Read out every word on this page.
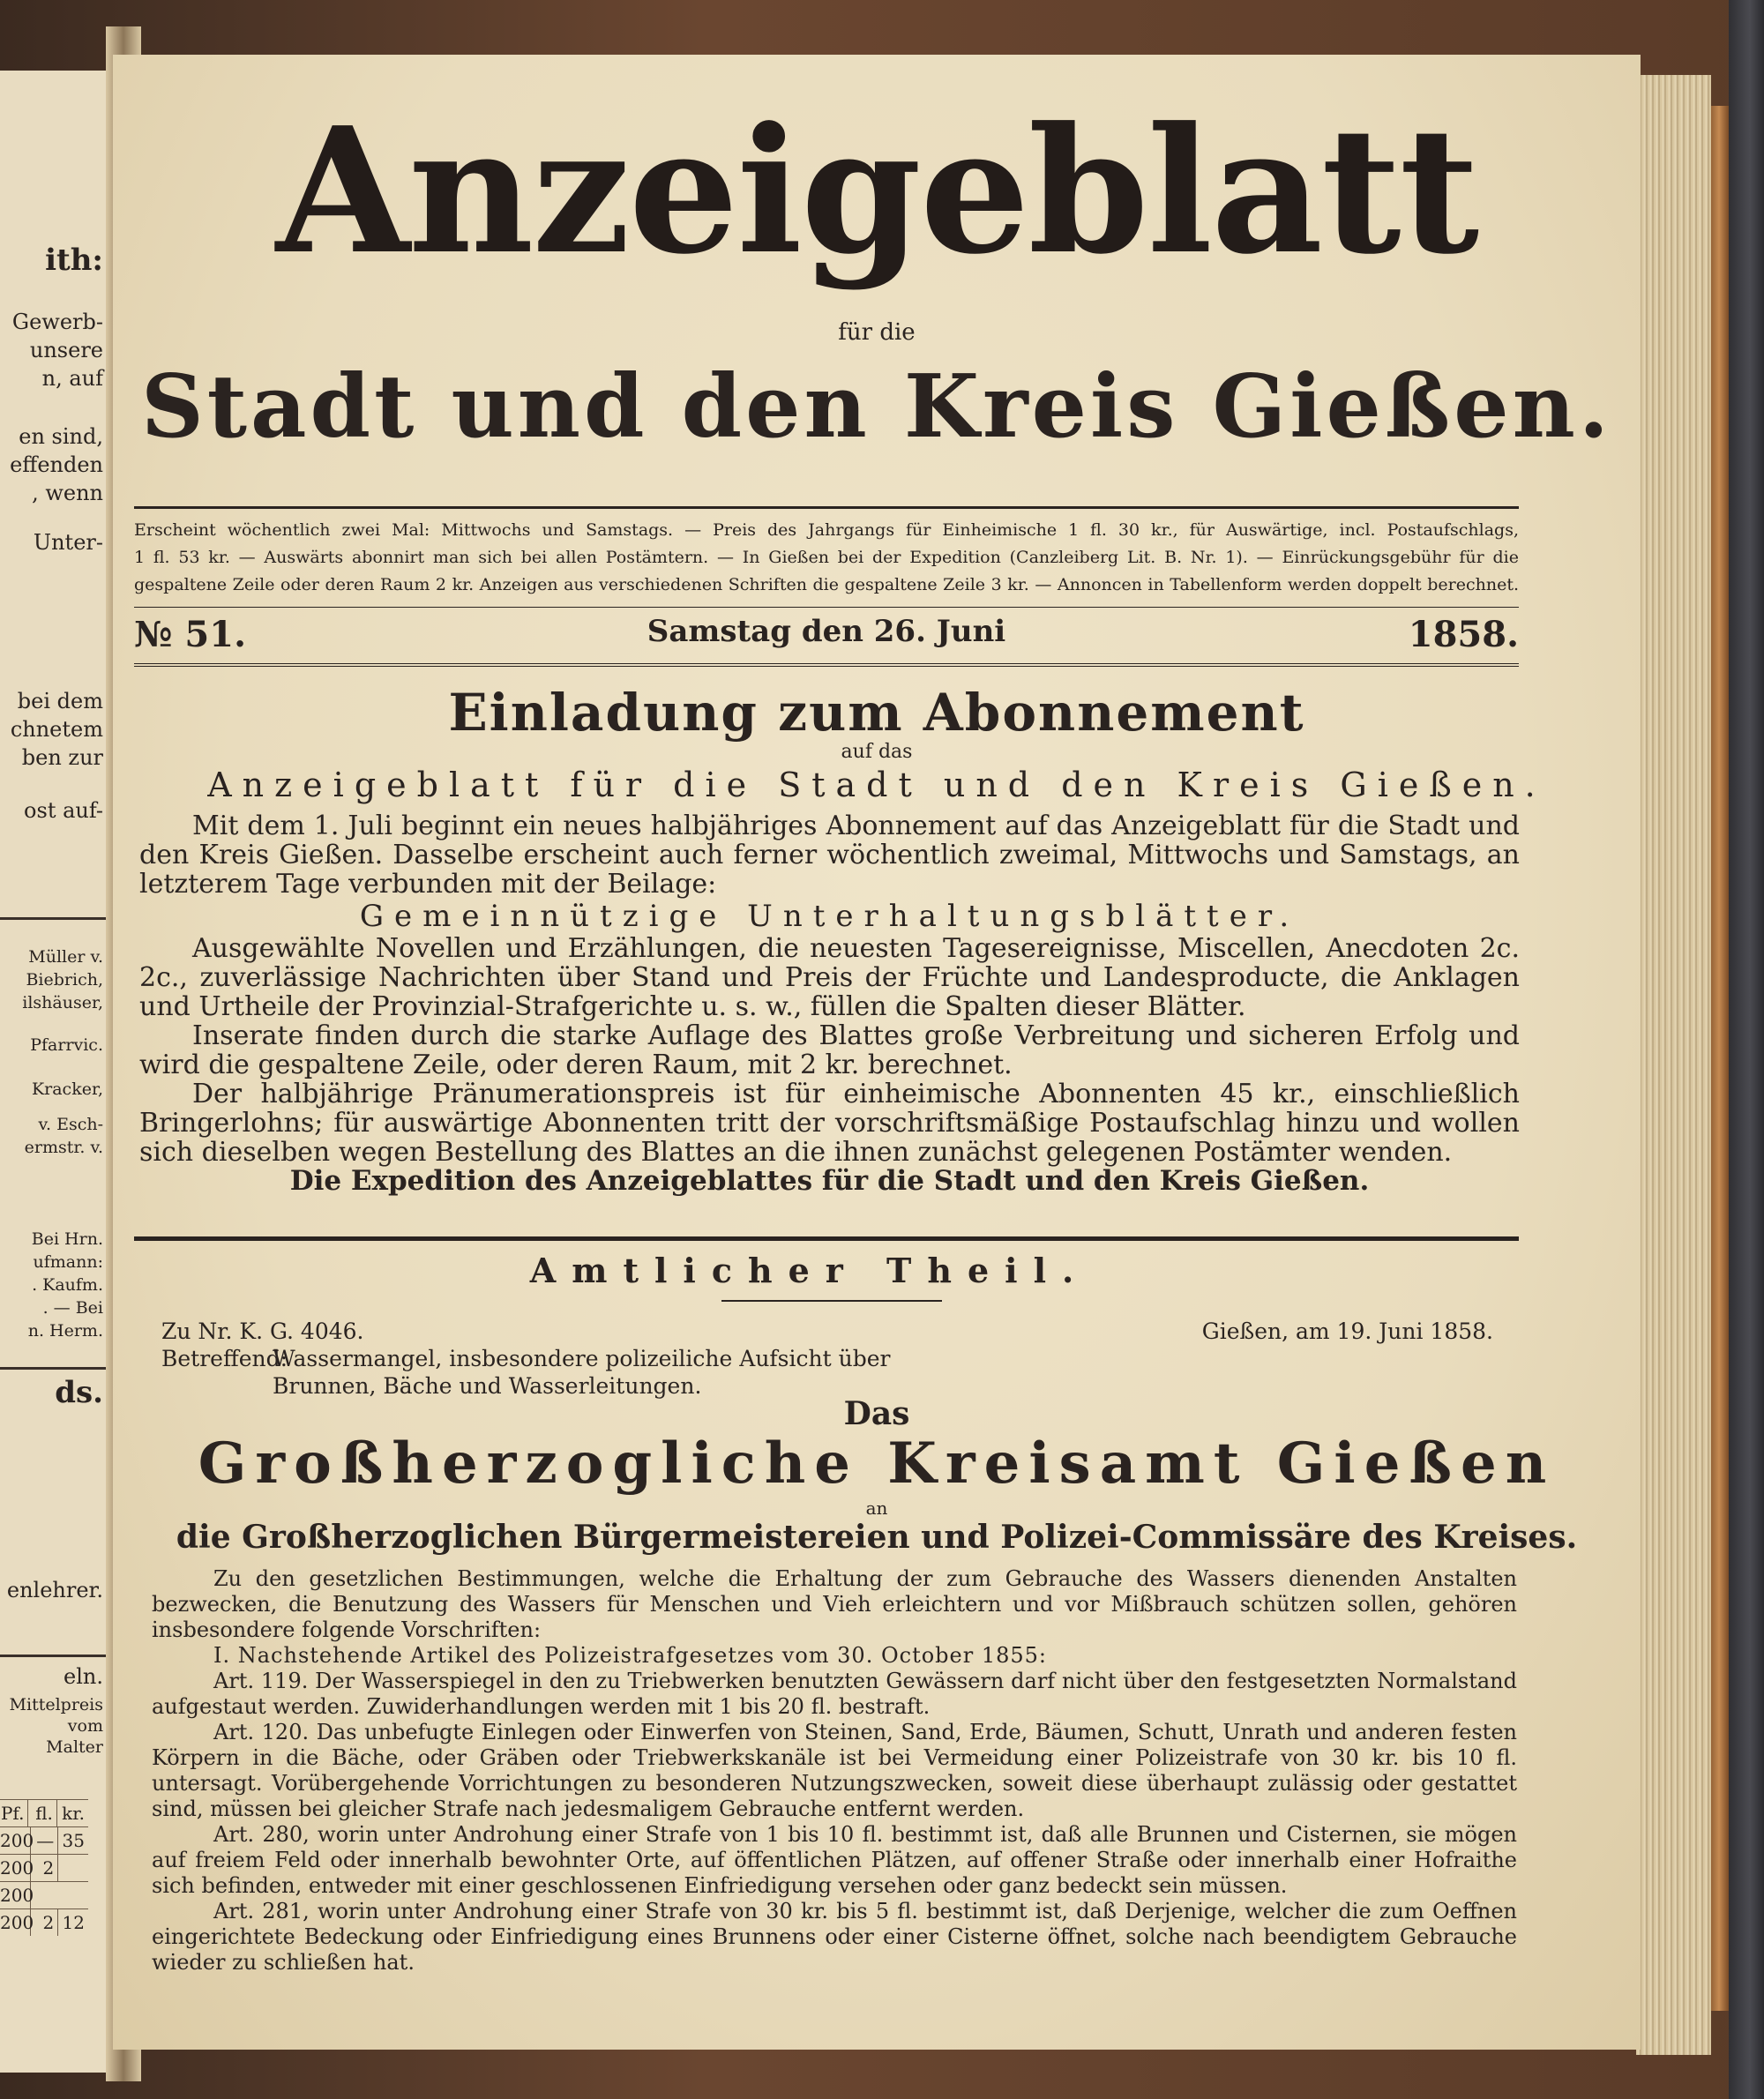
ith:
Gewerb-
unsere
n, auf
en sind,
effenden
, wenn
Unter-
bei dem
chnetem
ben zur
ost auf-
Müller v.
Biebrich,
ilshäuser,
Pfarrvic.
Kracker,
v. Esch-
ermstr. v.
Bei Hrn.
ufmann:
. Kaufm.
. — Bei
n. Herm.
ds.
enlehrer.
eln.
Mittelpreis
vom
Malter
Pf. fl. kr.
200 — 35
200 2
200
200 2 12
Anzeigeblatt
für die
Stadt und den Kreis Gießen.
Erscheint wöchentlich zwei Mal: Mittwochs und Samstags. — Preis des Jahrgangs für Einheimische 1 fl. 30 kr., für Auswärtige, incl. Postaufschlags,
1 fl. 53 kr. — Auswärts abonnirt man sich bei allen Postämtern. — In Gießen bei der Expedition (Canzleiberg Lit. B. Nr. 1). — Einrückungsgebühr für die
gespaltene Zeile oder deren Raum 2 kr. Anzeigen aus verschiedenen Schriften die gespaltene Zeile 3 kr. — Annoncen in Tabellenform werden doppelt berechnet.
№ 51.	Samstag den 26. Juni	1858.
Einladung zum Abonnement
auf das
Anzeigeblatt für die Stadt und den Kreis Gießen.

Mit dem 1. Juli beginnt ein neues halbjähriges Abonnement auf das Anzeigeblatt für die Stadt und den Kreis Gießen. Dasselbe erscheint auch ferner wöchentlich zweimal, Mittwochs und Samstags, an letzterem Tage verbunden mit der Beilage:

Gemeinnützige Unterhaltungsblätter.

Ausgewählte Novellen und Erzählungen, die neuesten Tagesereignisse, Miscellen, Anecdoten 2c. 2c., zuverlässige Nachrichten über Stand und Preis der Früchte und Landesproducte, die Anklagen und Urtheile der Provinzial-Strafgerichte u. s. w., füllen die Spalten dieser Blätter.

Inserate finden durch die starke Auflage des Blattes große Verbreitung und sicheren Erfolg und wird die gespaltene Zeile, oder deren Raum, mit 2 kr. berechnet.

Der halbjährige Pränumerationspreis ist für einheimische Abonnenten 45 kr., einschließlich Bringerlohns; für auswärtige Abonnenten tritt der vorschriftsmäßige Postaufschlag hinzu und wollen sich dieselben wegen Bestellung des Blattes an die ihnen zunächst gelegenen Postämter wenden.

Die Expedition des Anzeigeblattes für die Stadt und den Kreis Gießen.

Amtlicher Theil.
Zu Nr. K. G. 4046.	Gießen, am 19. Juni 1858.
Betreffend:
Wassermangel, insbesondere polizeiliche Aufsicht über Brunnen, Bäche und Wasserleitungen.
Das
Großherzogliche Kreisamt Gießen
an
die Großherzoglichen Bürgermeistereien und Polizei-Commissäre des Kreises.

Zu den gesetzlichen Bestimmungen, welche die Erhaltung der zum Gebrauche des Wassers dienenden Anstalten bezwecken, die Benutzung des Wassers für Menschen und Vieh erleichtern und vor Mißbrauch schützen sollen, gehören insbesondere folgende Vorschriften:

I. Nachstehende Artikel des Polizeistrafgesetzes vom 30. October 1855:

Art. 119. Der Wasserspiegel in den zu Triebwerken benutzten Gewässern darf nicht über den festgesetzten Normalstand aufgestaut werden. Zuwiderhandlungen werden mit 1 bis 20 fl. bestraft.

Art. 120. Das unbefugte Einlegen oder Einwerfen von Steinen, Sand, Erde, Bäumen, Schutt, Unrath und anderen festen Körpern in die Bäche, oder Gräben oder Triebwerkskanäle ist bei Vermeidung einer Polizeistrafe von 30 kr. bis 10 fl. untersagt. Vorübergehende Vorrichtungen zu besonderen Nutzungszwecken, soweit diese überhaupt zulässig oder gestattet sind, müssen bei gleicher Strafe nach jedesmaligem Gebrauche entfernt werden.

Art. 280, worin unter Androhung einer Strafe von 1 bis 10 fl. bestimmt ist, daß alle Brunnen und Cisternen, sie mögen auf freiem Feld oder innerhalb bewohnter Orte, auf öffentlichen Plätzen, auf offener Straße oder innerhalb einer Hofraithe sich befinden, entweder mit einer geschlossenen Einfriedigung versehen oder ganz bedeckt sein müssen.

Art. 281, worin unter Androhung einer Strafe von 30 kr. bis 5 fl. bestimmt ist, daß Derjenige, welcher die zum Oeffnen eingerichtete Bedeckung oder Einfriedigung eines Brunnens oder einer Cisterne öffnet, solche nach beendigtem Gebrauche wieder zu schließen hat.
